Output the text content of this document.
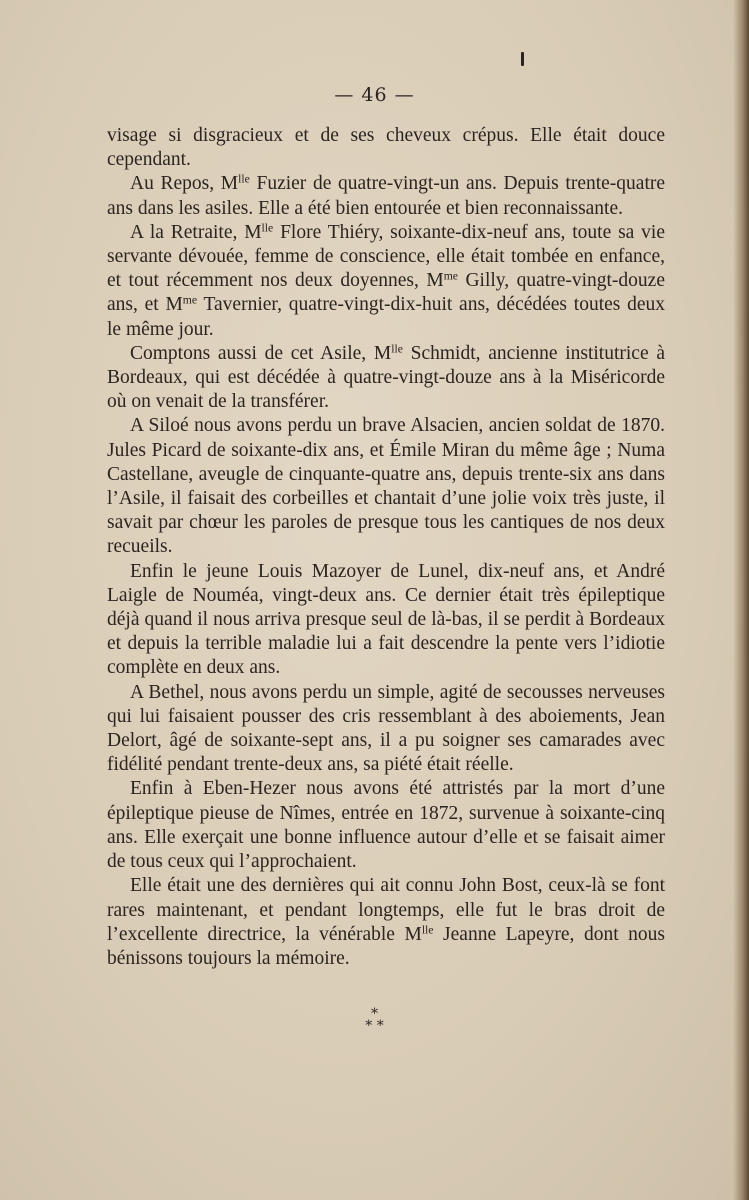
— 46 —

visage si disgracieux et de ses cheveux crépus. Elle était douce cependant.

Au Repos, $M^{lle}$ Fuzier de quatre-vingt-un ans. Depuis trente-quatre ans dans les asiles. Elle a été bien entourée et bien reconnaissante.

A la Retraite, $M^{lle}$ Flore Thiéry, soixante-dix-neuf ans, toute sa vie servante dévouée, femme de conscience, elle était tombée en enfance, et tout récemment nos deux doyennes, $M^{me}$ Gilly, quatre-vingt-douze ans, et $M^{me}$ Tavernier, quatre-vingt-dix-huit ans, décédées toutes deux le même jour.

Comptons aussi de cet Asile, $M^{lle}$ Schmidt, ancienne institutrice à Bordeaux, qui est décédée à quatre-vingt-douze ans à la Miséricorde où on venait de la transférer.

A Siloé nous avons perdu un brave Alsacien, ancien soldat de 1870. Jules Picard de soixante-dix ans, et Émile Miran du même âge ; Numa Castellane, aveugle de cinquante-quatre ans, depuis trente-six ans dans l’Asile, il faisait des corbeilles et chantait d’une jolie voix très juste, il savait par chœur les paroles de presque tous les cantiques de nos deux recueils.

Enfin le jeune Louis Mazoyer de Lunel, dix-neuf ans, et André Laigle de Nouméa, vingt-deux ans. Ce dernier était très épileptique déjà quand il nous arriva presque seul de là-bas, il se perdit à Bordeaux et depuis la terrible maladie lui a fait descendre la pente vers l’idiotie complète en deux ans.

A Bethel, nous avons perdu un simple, agité de secousses nerveuses qui lui faisaient pousser des cris ressemblant à des aboiements, Jean Delort, âgé de soixante-sept ans, il a pu soigner ses camarades avec fidélité pendant trente-deux ans, sa piété était réelle.

Enfin à Eben-Hezer nous avons été attristés par la mort d’une épileptique pieuse de Nîmes, entrée en 1872, survenue à soixante-cinq ans. Elle exerçait une bonne influence autour d’elle et se faisait aimer de tous ceux qui l’approchaient.

Elle était une des dernières qui ait connu John Bost, ceux-là se font rares maintenant, et pendant longtemps, elle fut le bras droit de l’excellente directrice, la vénérable $M^{lle}$ Jeanne Lapeyre, dont nous bénissons toujours la mémoire.

*
* *
